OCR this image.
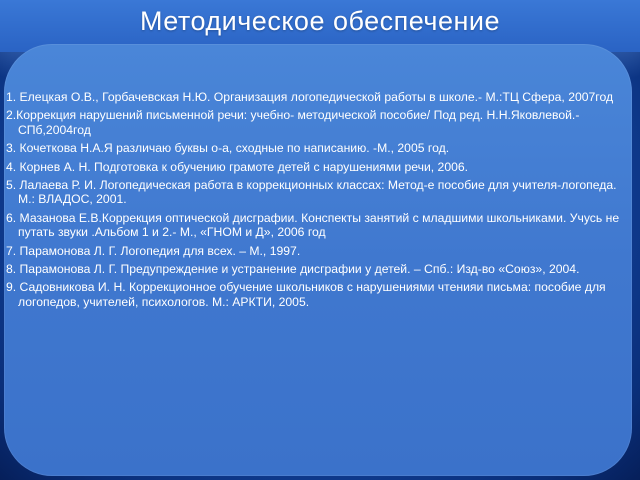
Методическое обеспечение
1. Елецкая О.В., Горбачевская Н.Ю. Организация логопедической работы в школе.- М.:ТЦ Сфера, 2007год
2.Коррекция нарушений письменной речи: учебно- методической пособие/ Под ред. Н.Н.Яковлевой.- СПб,2004год
3. Кочеткова Н.А.Я различаю буквы о-а, сходные по написанию. -М., 2005 год.
4. Корнев А. Н. Подготовка к обучению грамоте детей с нарушениями речи, 2006.
5. Лалаева Р. И. Логопедическая работа в коррекционных классах: Метод-е пособие для учителя-логопеда. М.: ВЛАДОС, 2001.
6. Мазанова Е.В.Коррекция оптической дисграфии. Конспекты занятий с младшими школьниками. Учусь не путать звуки .Альбом 1 и 2.- М., «ГНОМ и Д», 2006 год
7. Парамонова Л. Г. Логопедия для всех. – М., 1997.
8. Парамонова Л. Г. Предупреждение и устранение дисграфии у детей. – Спб.: Изд-во «Союз», 2004.
9. Садовникова И. Н. Коррекционное обучение школьников с нарушениями чтенияи письма: пособие для логопедов, учителей, психологов. М.: АРКТИ, 2005.
